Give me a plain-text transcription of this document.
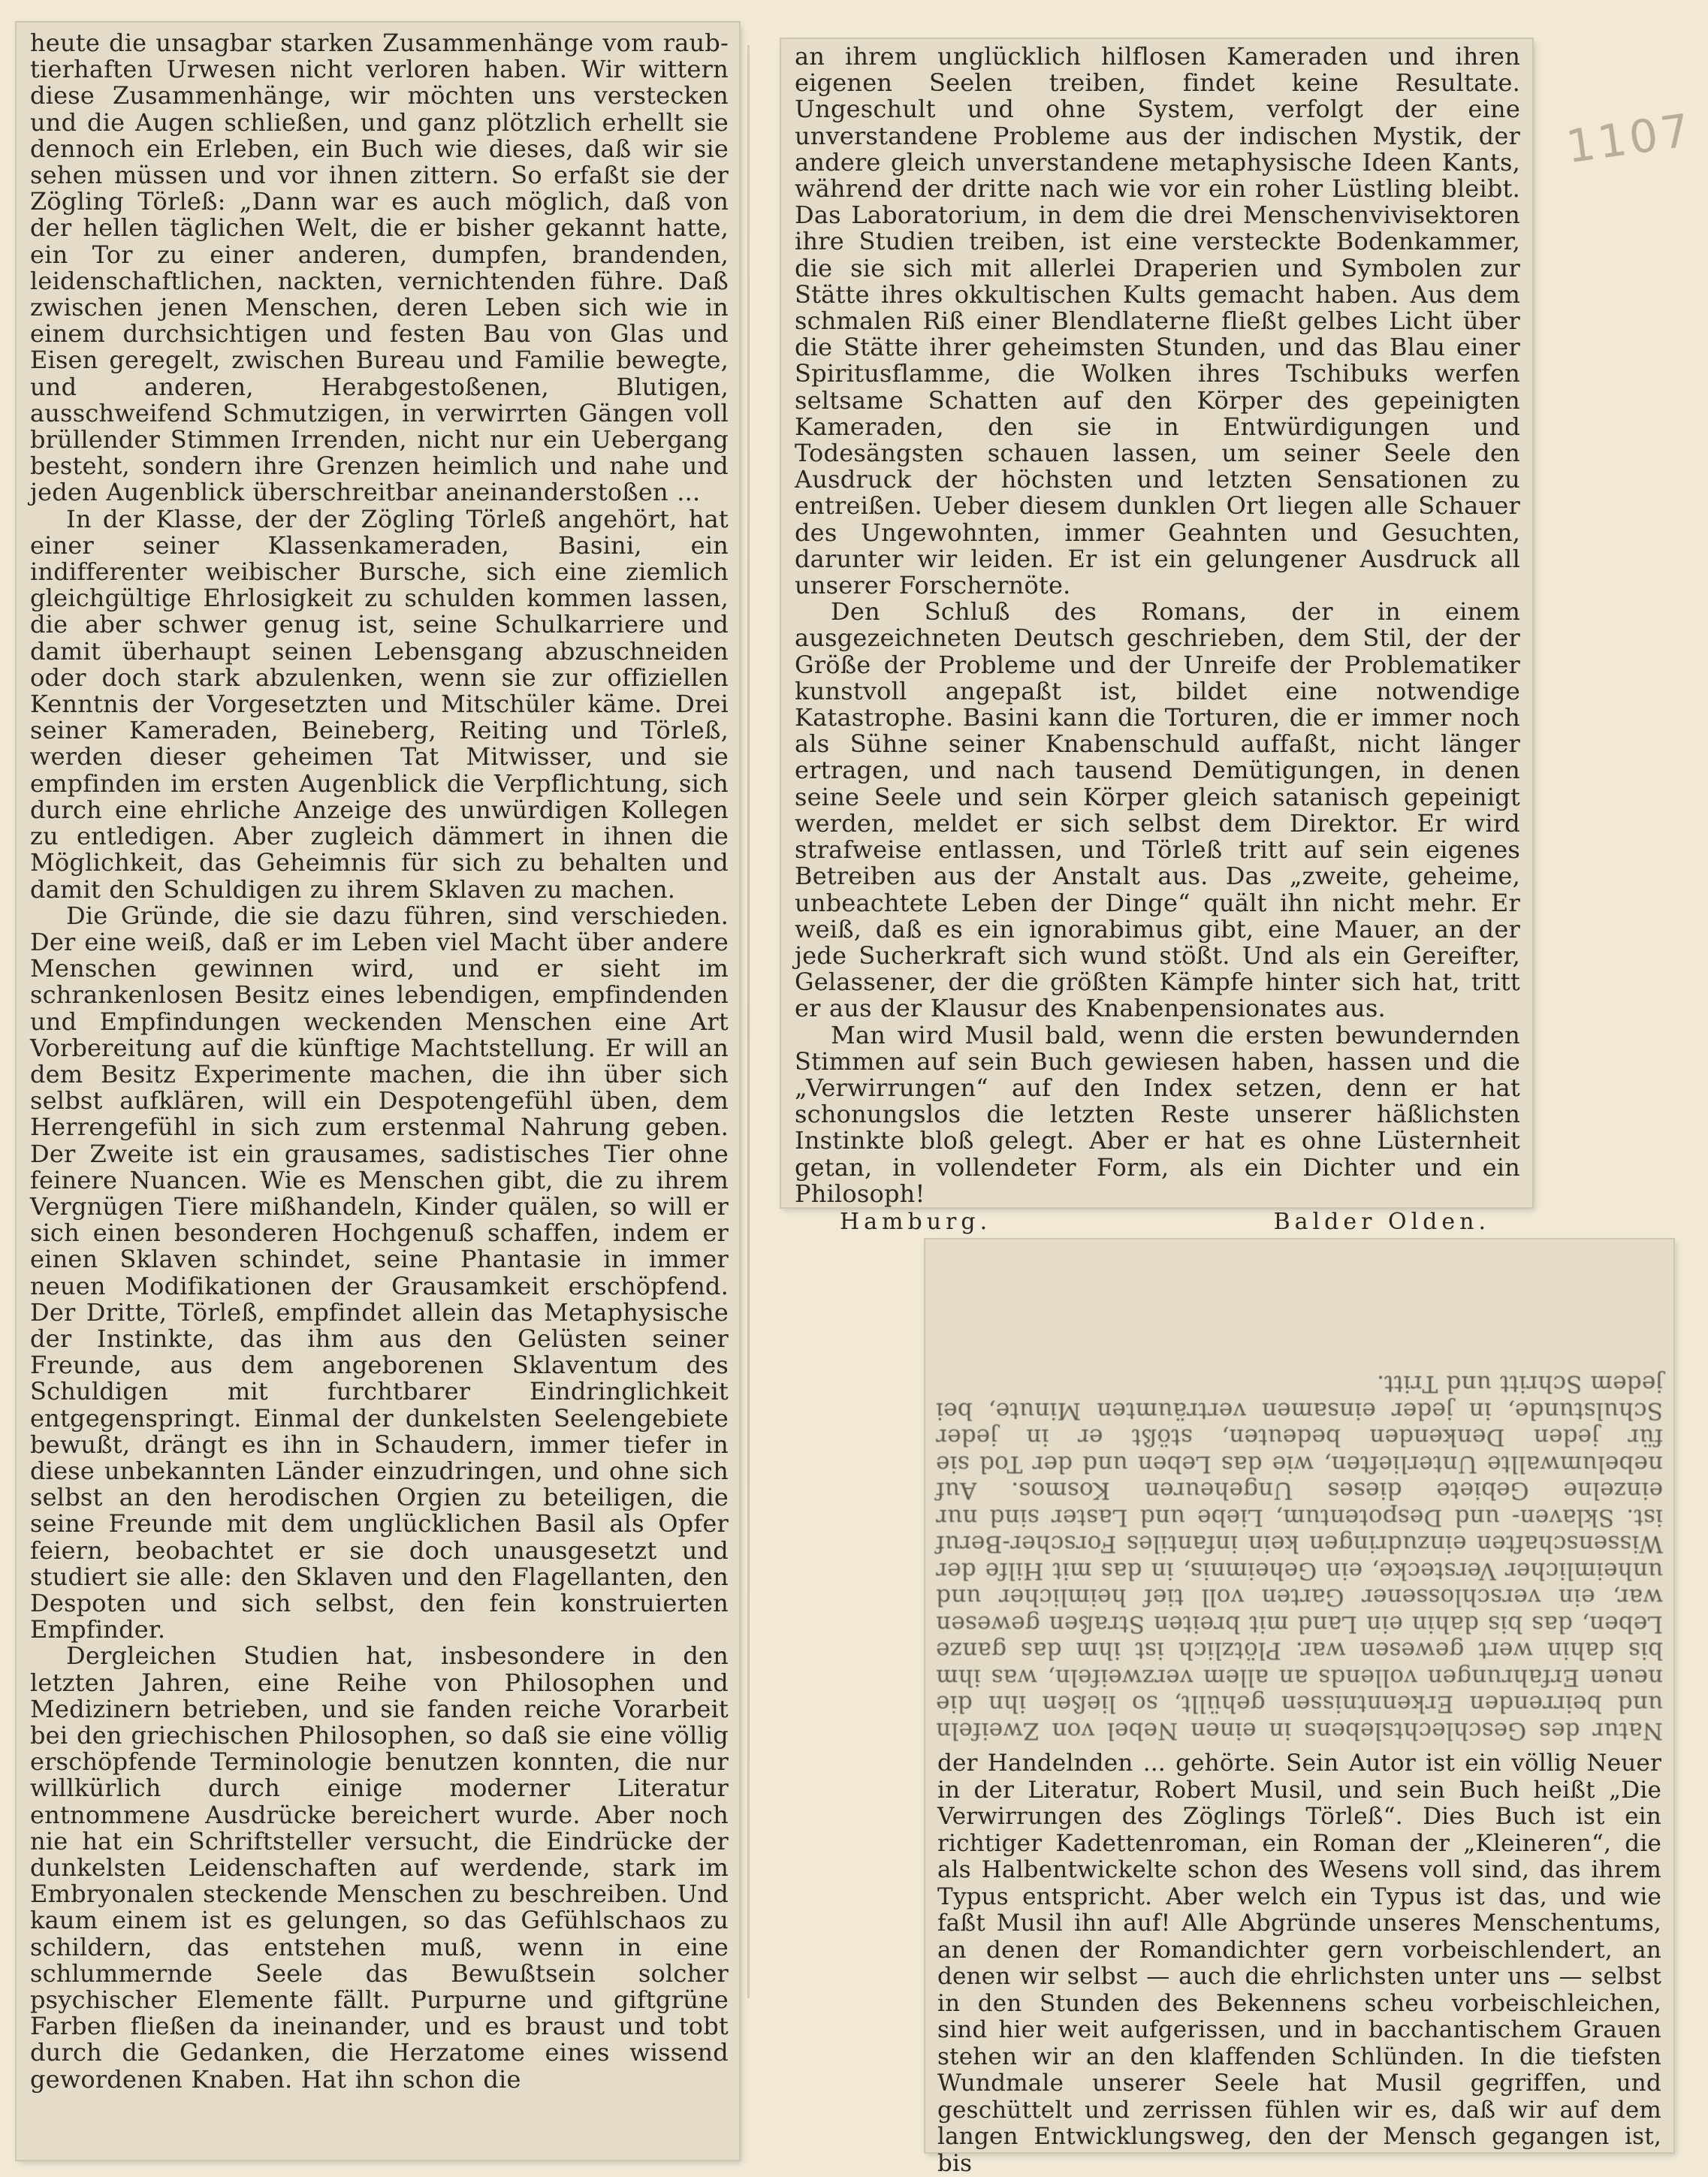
1107

heute die unsagbar starken Zusammenhänge vom raub-tierhaften Urwesen nicht verloren haben. Wir wittern diese Zusammenhänge, wir möchten uns verstecken und die Augen schließen, und ganz plötzlich erhellt sie dennoch ein Erleben, ein Buch wie dieses, daß wir sie sehen müssen und vor ihnen zittern. So erfaßt sie der Zögling Törleß: „Dann war es auch möglich, daß von der hellen täglichen Welt, die er bisher gekannt hatte, ein Tor zu einer anderen, dumpfen, brandenden, leidenschaftlichen, nackten, vernichtenden führe. Daß zwischen jenen Menschen, deren Leben sich wie in einem durchsichtigen und festen Bau von Glas und Eisen geregelt, zwischen Bureau und Familie bewegte, und anderen, Herabgestoßenen, Blutigen, ausschweifend Schmutzigen, in verwirrten Gängen voll brüllender Stimmen Irrenden, nicht nur ein Uebergang besteht, sondern ihre Grenzen heimlich und nahe und jeden Augenblick überschreitbar aneinanderstoßen ...

In der Klasse, der der Zögling Törleß angehört, hat einer seiner Klassenkameraden, Basini, ein indifferenter weibischer Bursche, sich eine ziemlich gleichgültige Ehrlosigkeit zu schulden kommen lassen, die aber schwer genug ist, seine Schulkarriere und damit überhaupt seinen Lebensgang abzuschneiden oder doch stark abzulenken, wenn sie zur offiziellen Kenntnis der Vorgesetzten und Mitschüler käme. Drei seiner Kameraden, Beineberg, Reiting und Törleß, werden dieser geheimen Tat Mitwisser, und sie empfinden im ersten Augenblick die Verpflichtung, sich durch eine ehrliche Anzeige des unwürdigen Kollegen zu entledigen. Aber zugleich dämmert in ihnen die Möglichkeit, das Geheimnis für sich zu behalten und damit den Schuldigen zu ihrem Sklaven zu machen.

Die Gründe, die sie dazu führen, sind verschieden. Der eine weiß, daß er im Leben viel Macht über andere Menschen gewinnen wird, und er sieht im schrankenlosen Besitz eines lebendigen, empfindenden und Empfindungen weckenden Menschen eine Art Vorbereitung auf die künftige Machtstellung. Er will an dem Besitz Experimente machen, die ihn über sich selbst aufklären, will ein Despotengefühl üben, dem Herrengefühl in sich zum erstenmal Nahrung geben. Der Zweite ist ein grausames, sadistisches Tier ohne feinere Nuancen. Wie es Menschen gibt, die zu ihrem Vergnügen Tiere mißhandeln, Kinder quälen, so will er sich einen besonderen Hochgenuß schaffen, indem er einen Sklaven schindet, seine Phantasie in immer neuen Modifikationen der Grausamkeit erschöpfend. Der Dritte, Törleß, empfindet allein das Metaphysische der Instinkte, das ihm aus den Gelüsten seiner Freunde, aus dem angeborenen Sklaventum des Schuldigen mit furchtbarer Eindringlichkeit entgegenspringt. Einmal der dunkelsten Seelengebiete bewußt, drängt es ihn in Schaudern, immer tiefer in diese unbekannten Länder einzudringen, und ohne sich selbst an den herodischen Orgien zu beteiligen, die seine Freunde mit dem unglücklichen Basil als Opfer feiern, beobachtet er sie doch unausgesetzt und studiert sie alle: den Sklaven und den Flagellanten, den Despoten und sich selbst, den fein konstruierten Empfinder.

Dergleichen Studien hat, insbesondere in den letzten Jahren, eine Reihe von Philosophen und Medizinern betrieben, und sie fanden reiche Vorarbeit bei den griechischen Philosophen, so daß sie eine völlig erschöpfende Terminologie benutzen konnten, die nur willkürlich durch einige moderner Literatur entnommene Ausdrücke bereichert wurde. Aber noch nie hat ein Schriftsteller versucht, die Eindrücke der dunkelsten Leidenschaften auf werdende, stark im Embryonalen steckende Menschen zu beschreiben. Und kaum einem ist es gelungen, so das Gefühlschaos zu schildern, das entstehen muß, wenn in eine schlummernde Seele das Bewußtsein solcher psychischer Elemente fällt. Purpurne und giftgrüne Farben fließen da ineinander, und es braust und tobt durch die Gedanken, die Herzatome eines wissend gewordenen Knaben. Hat ihn schon die

an ihrem unglücklich hilflosen Kameraden und ihren eigenen Seelen treiben, findet keine Resultate. Ungeschult und ohne System, verfolgt der eine unverstandene Probleme aus der indischen Mystik, der andere gleich unverstandene metaphysische Ideen Kants, während der dritte nach wie vor ein roher Lüstling bleibt. Das Laboratorium, in dem die drei Menschenvivisektoren ihre Studien treiben, ist eine versteckte Bodenkammer, die sie sich mit allerlei Draperien und Symbolen zur Stätte ihres okkultischen Kults gemacht haben. Aus dem schmalen Riß einer Blendlaterne fließt gelbes Licht über die Stätte ihrer geheimsten Stunden, und das Blau einer Spiritusflamme, die Wolken ihres Tschibuks werfen seltsame Schatten auf den Körper des gepeinigten Kameraden, den sie in Entwürdigungen und Todesängsten schauen lassen, um seiner Seele den Ausdruck der höchsten und letzten Sensationen zu entreißen. Ueber diesem dunklen Ort liegen alle Schauer des Ungewohnten, immer Geahnten und Gesuchten, darunter wir leiden. Er ist ein gelungener Ausdruck all unserer Forschernöte.

Den Schluß des Romans, der in einem ausgezeichneten Deutsch geschrieben, dem Stil, der der Größe der Probleme und der Unreife der Problematiker kunstvoll angepaßt ist, bildet eine notwendige Katastrophe. Basini kann die Torturen, die er immer noch als Sühne seiner Knabenschuld auffaßt, nicht länger ertragen, und nach tausend Demütigungen, in denen seine Seele und sein Körper gleich satanisch gepeinigt werden, meldet er sich selbst dem Direktor. Er wird strafweise entlassen, und Törleß tritt auf sein eigenes Betreiben aus der Anstalt aus. Das „zweite, geheime, unbeachtete Leben der Dinge“ quält ihn nicht mehr. Er weiß, daß es ein ignorabimus gibt, eine Mauer, an der jede Sucherkraft sich wund stößt. Und als ein Gereifter, Gelassener, der die größten Kämpfe hinter sich hat, tritt er aus der Klausur des Knabenpensionates aus.

Man wird Musil bald, wenn die ersten bewundernden Stimmen auf sein Buch gewiesen haben, hassen und die „Verwirrungen“ auf den Index setzen, denn er hat schonungslos die letzten Reste unserer häßlichsten Instinkte bloß gelegt. Aber er hat es ohne Lüsternheit getan, in vollendeter Form, als ein Dichter und ein Philosoph!

Hamburg.	Balder Olden.

Natur des Geschlechtslebens in einen Nebel von Zweifeln und beirrenden Erkenntnissen gehüllt, so ließen ihn die neuen Erfahrungen vollends an allem verzweifeln, was ihm bis dahin wert gewesen war. Plötzlich ist ihm das ganze Leben, das bis dahin ein Land mit breiten Straßen gewesen war, ein verschlossener Garten voll tief heimlicher und unheimlicher Verstecke, ein Geheimnis, in das mit Hilfe der Wissenschaften einzudringen kein infantiles Forscher-Beruf ist. Sklaven- und Despotentum, Liebe und Laster sind nur einzelne Gebiete dieses Ungeheuren Kosmos. Auf nebelumwallte Unterlieften, wie das Leben und der Tod sie für jeden Denkenden bedeuten, stößt er in jeder Schulstunde, in jeder einsamen verträumten Minute, bei jedem Schritt und Tritt.

der Handelnden ... gehörte. Sein Autor ist ein völlig Neuer in der Literatur, Robert Musil, und sein Buch heißt „Die Verwirrungen des Zöglings Törleß“. Dies Buch ist ein richtiger Kadettenroman, ein Roman der „Kleineren“, die als Halbentwickelte schon des Wesens voll sind, das ihrem Typus entspricht. Aber welch ein Typus ist das, und wie faßt Musil ihn auf! Alle Abgründe unseres Menschentums, an denen der Romandichter gern vorbeischlendert, an denen wir selbst — auch die ehrlichsten unter uns — selbst in den Stunden des Bekennens scheu vorbeischleichen, sind hier weit aufgerissen, und in bacchantischem Grauen stehen wir an den klaffenden Schlünden. In die tiefsten Wundmale unserer Seele hat Musil gegriffen, und geschüttelt und zerrissen fühlen wir es, daß wir auf dem langen Entwicklungsweg, den der Mensch gegangen ist, bis
